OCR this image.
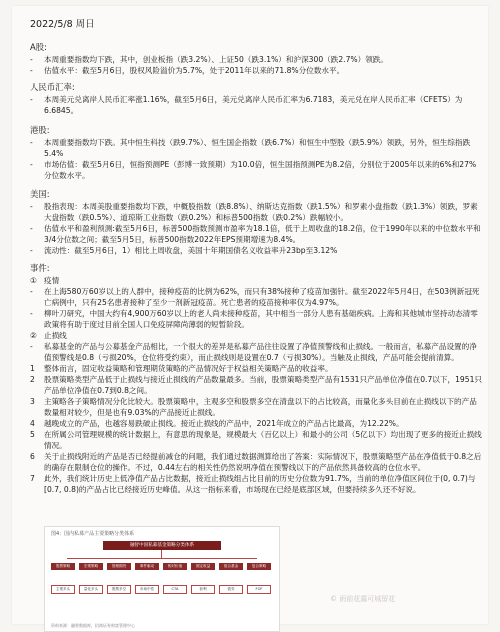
2022/5/8 周日
A股:
-	本周重要指数均下跌，其中，创业板指（跌3.2%）、上证50（跌3.1%）和沪深300（跌2.7%）领跌。
-	估值水平：截至5月6日，股权风险溢价为5.7%，处于2011年以来的71.8%分位数水平。
人民币汇率:
-	本周美元兑离岸人民币汇率涨1.16%，截至5月6日，美元兑离岸人民币汇率为6.7183，美元兑在岸人民币汇率（CFETS）为6.6845。
港股:
-	本周重要指数均下跌。其中恒生科技（跌9.7%）、恒生国企指数（跌6.7%）和恒生中型股（跌5.9%）领跌，另外，恒生综指跌5.4%
-	市场估值：截至5月6日，恒指预测PE（彭博一致预期）为10.0倍，恒生国指预测PE为8.2倍，分别位于2005年以来的6%和27%分位数水平。
美国:
-	股指表现：本周美股重要指数均下跌，中概股指数（跌8.8%）、纳斯达克指数（跌1.5%）和罗素小盘指数（跌1.3%）领跌，罗素大盘指数（跌0.5%）、道琼斯工业指数（跌0.2%）和标普500指数（跌0.2%）跌幅较小。
-	估值水平和盈利预测:截至5月6日，标普500指数预测市盈率为18.1倍，低于上周收盘的18.2倍，位于1990年以来的中位数水平和3/4分位数之间；截至5月5日，标普500指数2022年EPS预期增速为8.4%。
-	流动性：截至5月6日，1）相比上周收盘，美国十年期国债名义收益率升23bp至3.12%
事件:
① 疫情
-	在上海580万60岁以上的人群中，接种疫苗的比例为62%，而只有38%接种了疫苗加强针。截至2022年5月4日，在503例新冠死亡病例中，只有25名患者接种了至少一剂新冠疫苗。死亡患者的疫苗接种率仅为4.97%。
-	柳叶刀研究，中国大约有4,900万60岁以上的老人尚未接种疫苗，其中相当一部分人患有基础疾病。上海和其他城市坚持动态清零政策将有助于度过目前全国人口免疫屏障尚薄弱的短暂阶段。
② 止损线
-	私募基金的产品与公募基金产品相比，一个很大的差异是私募产品往往设置了净值预警线和止损线。一般而言，私募产品设置的净值预警线是0.8（亏损20%，仓位将受约束），而止损线则是设置在0.7（亏损30%）。当触及止损线，产品可能会提前清算。
1	整体而言，固定收益策略和管理期货策略的产品情况好于权益相关策略产品的收益率。
2	股票策略类型产品低于止损线与接近止损线的产品数量最多。当前，股票策略类型产品有1531只产品单位净值在0.7以下，1951只产品单位净值在0.7到0.8之间。
3	主策略各子策略情况分化比较大。股票策略中，主观多空和股票多空在清盘以下的占比较高，而量化多头目前在止损线以下的产品数量相对较少，但是也有9.03%的产品接近止损线。
4	越晚成立的产品，也越容易跌破止损线。接近止损线的产品中，2021年成立的产品占比最高，为12.22%。
5	在所属公司管理规模的统计数据上，有意思的现象是，规模最大（百亿以上）和最小的公司（5亿以下）均出现了更多的接近止损线情况。
6	关于止损线附近的产品是否已经提前减仓的问题，我们通过数据测算给出了答案：实际情况下，股票策略型产品在净值低于0.8之后的确存在限制仓位的操作。不过，0.44左右的相关性仍然说明净值在预警线以下的产品依然具备较高的仓位水平。
7	此外，我们统计历史上低净值产品占比数据，接近止损线组占比目前的历史分位数为91.7%，当前的单位净值区间位于(0, 0.7)与[0.7, 0.8)的产品占比已经接近历史峰值。从这一指标来看，市场现在已经是底部区域，但要持续多久还不好说。
图4：国内私募产品主要策略分类体系
融智中国私募基金策略分类体系
股票策略	宏观策略	管理期货	事件驱动	相对价值	固定收益	组合基金	复合策略
主观多头	量化多头	股票多空	市场中性	CTA	套利	债券	FOF
资料来源：融智数据库，招商证券财富管理中心
© 雨前花露可城留花
